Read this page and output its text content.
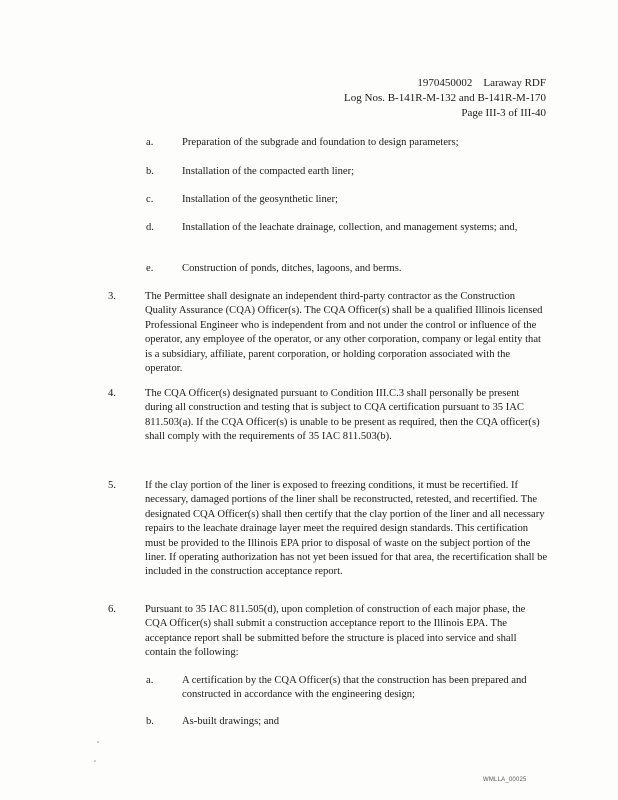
1970450002    Laraway RDF
Log Nos. B-141R-M-132 and B-141R-M-170
Page III-3 of III-40
a.	Preparation of the subgrade and foundation to design parameters;
b.	Installation of the compacted earth liner;
c.	Installation of the geosynthetic liner;
d.	Installation of the leachate drainage, collection, and management systems; and,
e.	Construction of ponds, ditches, lagoons, and berms.
3.	The Permittee shall designate an independent third-party contractor as the Construction Quality Assurance (CQA) Officer(s). The CQA Officer(s) shall be a qualified Illinois licensed Professional Engineer who is independent from and not under the control or influence of the operator, any employee of the operator, or any other corporation, company or legal entity that is a subsidiary, affiliate, parent corporation, or holding corporation associated with the operator.
4.	The CQA Officer(s) designated pursuant to Condition III.C.3 shall personally be present during all construction and testing that is subject to CQA certification pursuant to 35 IAC 811.503(a). If the CQA Officer(s) is unable to be present as required, then the CQA officer(s) shall comply with the requirements of 35 IAC 811.503(b).
5.	If the clay portion of the liner is exposed to freezing conditions, it must be recertified. If necessary, damaged portions of the liner shall be reconstructed, retested, and recertified. The designated CQA Officer(s) shall then certify that the clay portion of the liner and all necessary repairs to the leachate drainage layer meet the required design standards. This certification must be provided to the Illinois EPA prior to disposal of waste on the subject portion of the liner. If operating authorization has not yet been issued for that area, the recertification shall be included in the construction acceptance report.
6.	Pursuant to 35 IAC 811.505(d), upon completion of construction of each major phase, the CQA Officer(s) shall submit a construction acceptance report to the Illinois EPA. The acceptance report shall be submitted before the structure is placed into service and shall contain the following:
a.	A certification by the CQA Officer(s) that the construction has been prepared and constructed in accordance with the engineering design;
b.	As-built drawings; and
WMLLA_00025
